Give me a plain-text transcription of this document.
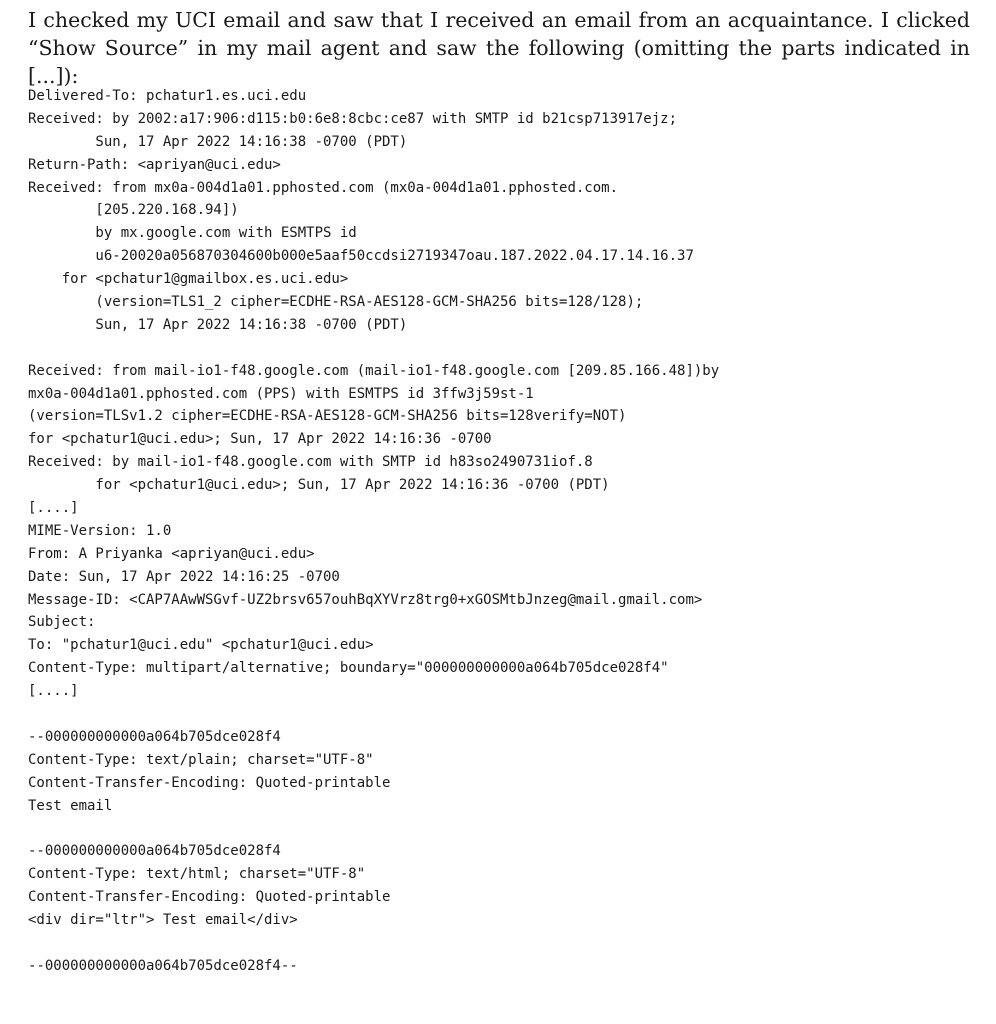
I checked my UCI email and saw that I received an email from an acquaintance. I clicked “Show Source” in my mail agent and saw the following (omitting the parts indicated in [...]):

Delivered-To: pchatur1.es.uci.edu
Received: by 2002:a17:906:d115:b0:6e8:8cbc:ce87 with SMTP id b21csp713917ejz;
Sun, 17 Apr 2022 14:16:38 -0700 (PDT)
Return-Path: <apriyan@uci.edu>
Received: from mx0a-004d1a01.pphosted.com (mx0a-004d1a01.pphosted.com.
[205.220.168.94])
by mx.google.com with ESMTPS id
u6-20020a056870304600b000e5aaf50ccdsi2719347oau.187.2022.04.17.14.16.37
for <pchatur1@gmailbox.es.uci.edu>
(version=TLS1_2 cipher=ECDHE-RSA-AES128-GCM-SHA256 bits=128/128);
Sun, 17 Apr 2022 14:16:38 -0700 (PDT)
Received: from mail-io1-f48.google.com (mail-io1-f48.google.com [209.85.166.48])by
mx0a-004d1a01.pphosted.com (PPS) with ESMTPS id 3ffw3j59st-1
(version=TLSv1.2 cipher=ECDHE-RSA-AES128-GCM-SHA256 bits=128verify=NOT)
for <pchatur1@uci.edu>; Sun, 17 Apr 2022 14:16:36 -0700
Received: by mail-io1-f48.google.com with SMTP id h83so2490731iof.8
for <pchatur1@uci.edu>; Sun, 17 Apr 2022 14:16:36 -0700 (PDT)
[....]
MIME-Version: 1.0
From: A Priyanka <apriyan@uci.edu>
Date: Sun, 17 Apr 2022 14:16:25 -0700
Message-ID: <CAP7AAwWSGvf-UZ2brsv657ouhBqXYVrz8trg0+xGOSMtbJnzeg@mail.gmail.com>
Subject:
To: "pchatur1@uci.edu" <pchatur1@uci.edu>
Content-Type: multipart/alternative; boundary="000000000000a064b705dce028f4"
[....]
--000000000000a064b705dce028f4
Content-Type: text/plain; charset="UTF-8"
Content-Transfer-Encoding: Quoted-printable
Test email
--000000000000a064b705dce028f4
Content-Type: text/html; charset="UTF-8"
Content-Transfer-Encoding: Quoted-printable
<div dir="ltr"> Test email</div>
--000000000000a064b705dce028f4--
